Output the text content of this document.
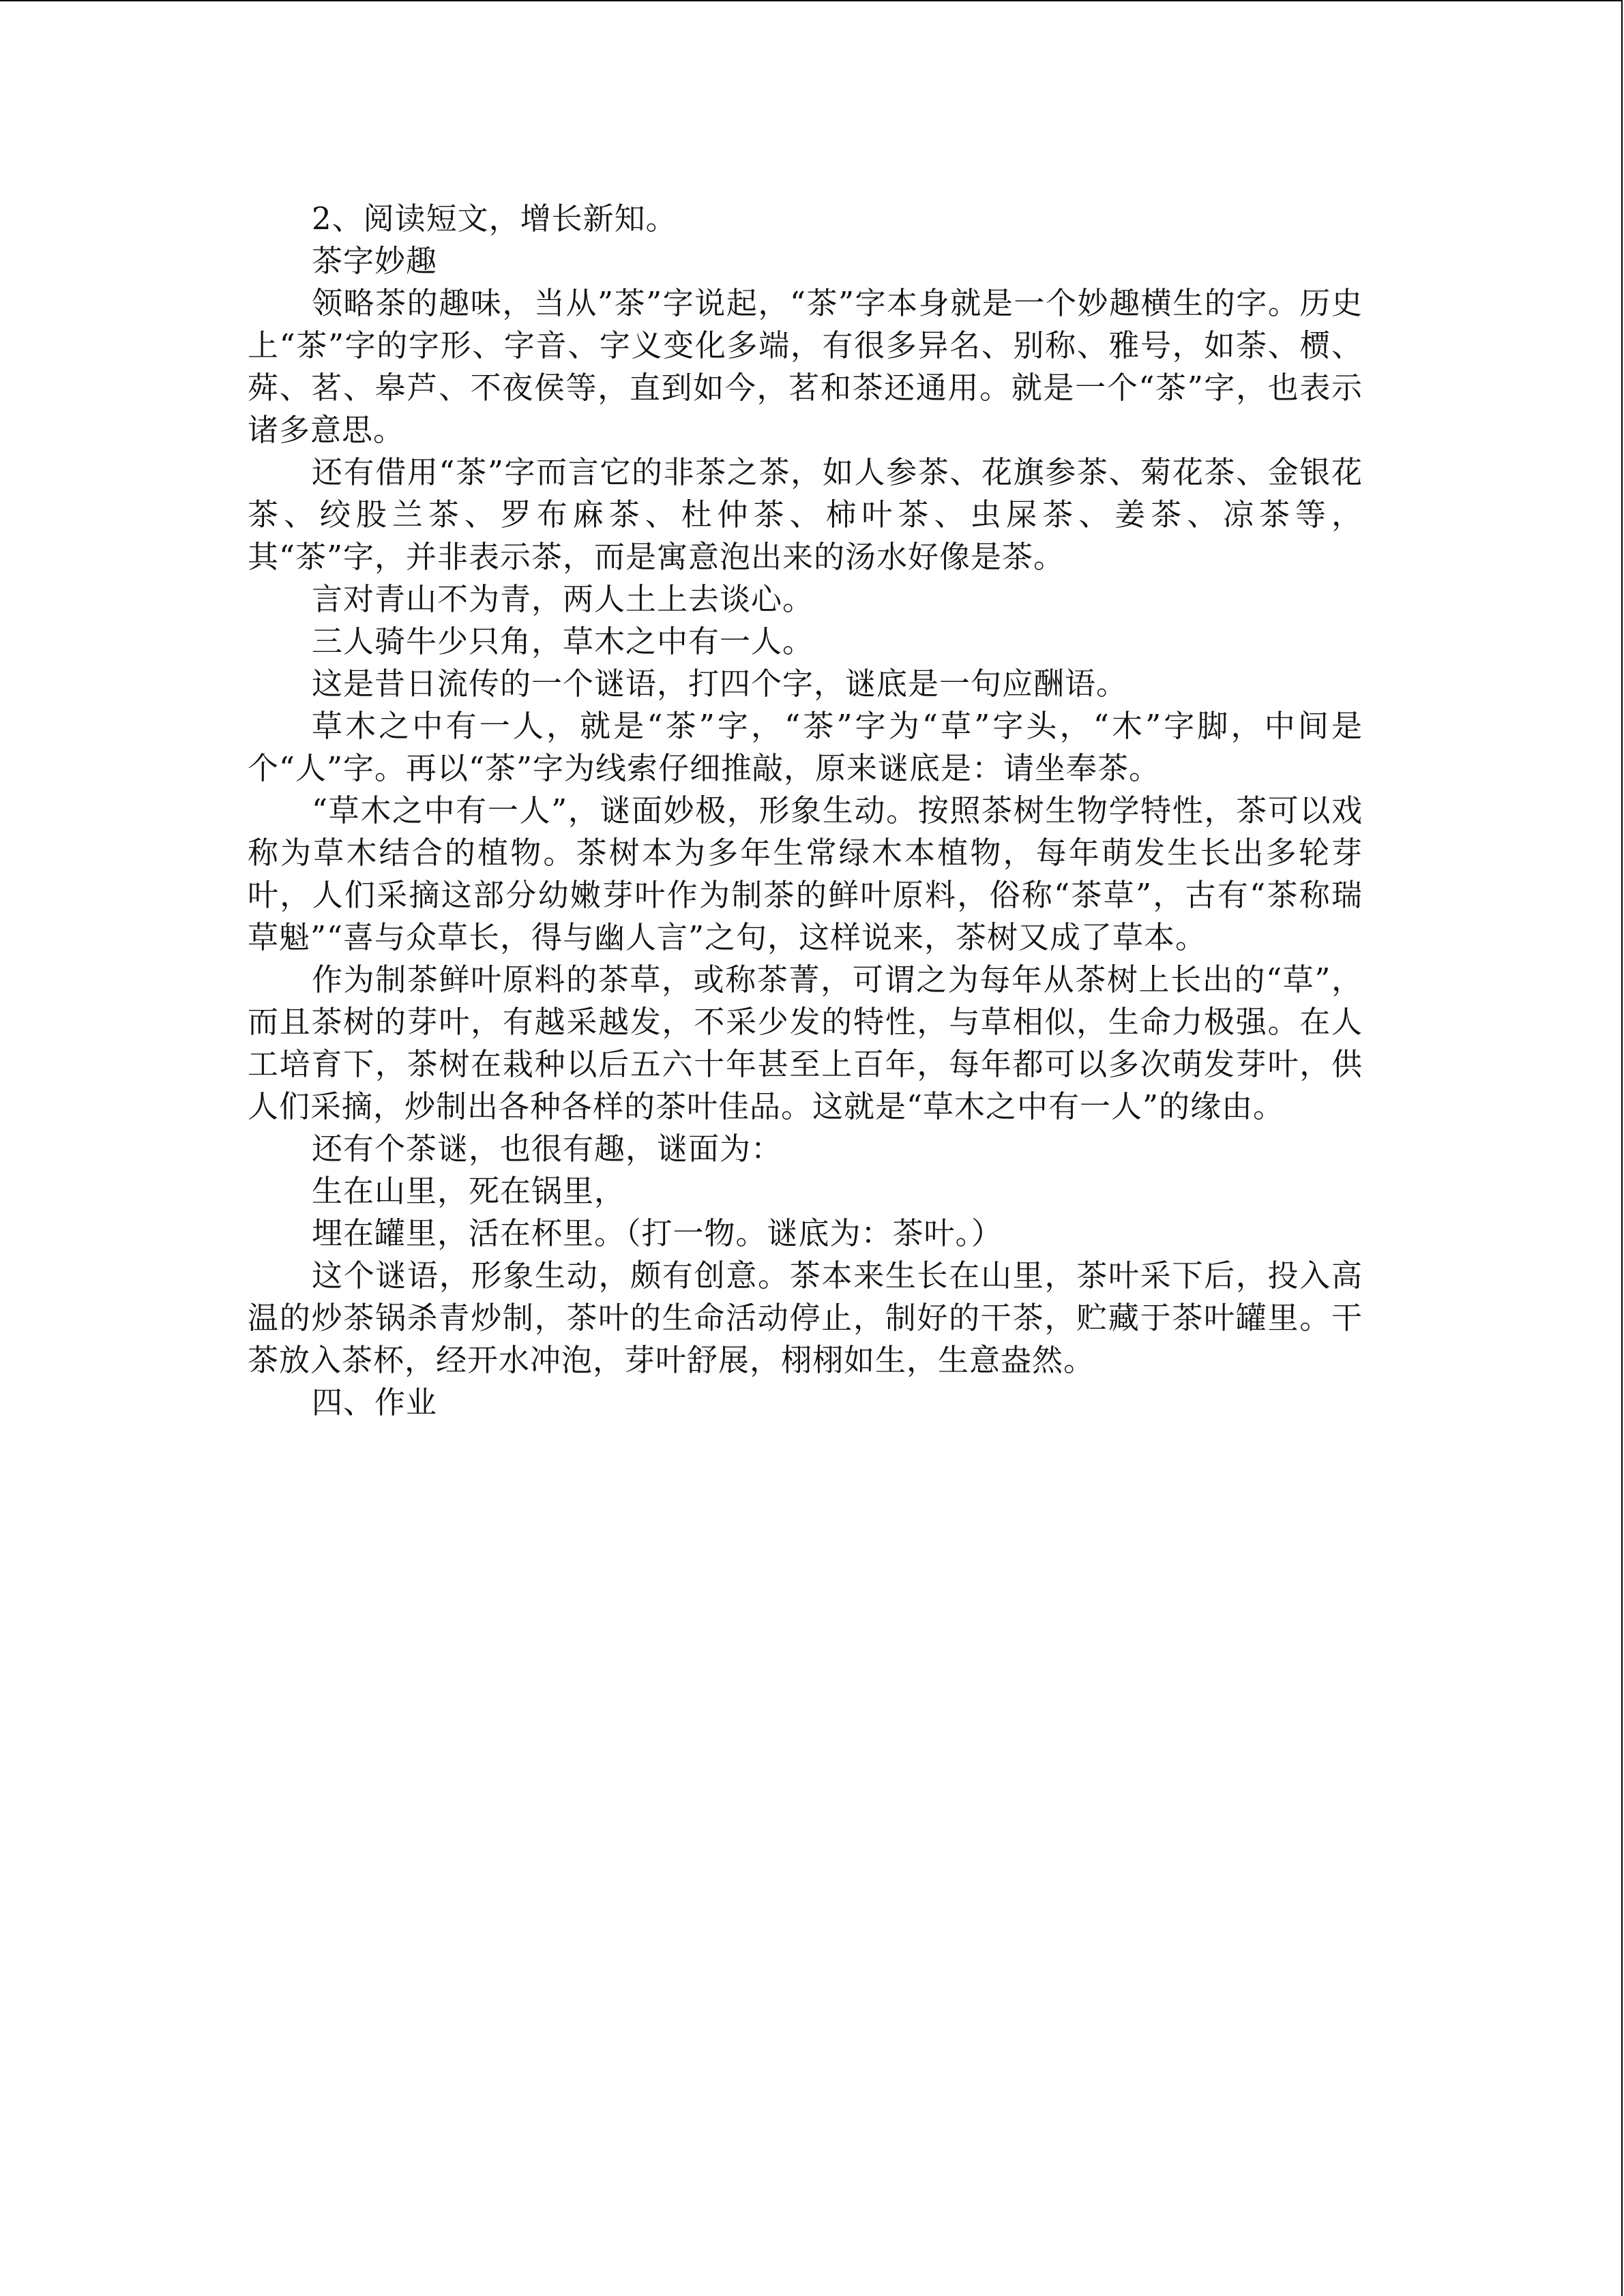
2、阅读短文，增长新知。

茶字妙趣

领略茶的趣味，当从”茶”字说起，“茶”字本身就是一个妙趣横生的字。历史上“茶”字的字形、字音、字义变化多端，有很多异名、别称、雅号，如荼、槚、荈、茗、皋芦、不夜侯等，直到如今，茗和茶还通用。就是一个“茶”字，也表示诸多意思。

还有借用“茶”字而言它的非茶之茶，如人参茶、花旗参茶、菊花茶、金银花茶、绞股兰茶、罗布麻茶、杜仲茶、柿叶茶、虫屎茶、姜茶、凉茶等，其“茶”字，并非表示茶，而是寓意泡出来的汤水好像是茶。

言对青山不为青，两人土上去谈心。

三人骑牛少只角，草木之中有一人。

这是昔日流传的一个谜语，打四个字，谜底是一句应酬语。

草木之中有一人，就是“茶”字，“茶”字为“草”字头，“木”字脚，中间是个“人”字。再以“茶”字为线索仔细推敲，原来谜底是：请坐奉茶。

“草木之中有一人”，谜面妙极，形象生动。按照茶树生物学特性，茶可以戏称为草木结合的植物。茶树本为多年生常绿木本植物，每年萌发生长出多轮芽叶，人们采摘这部分幼嫩芽叶作为制茶的鲜叶原料，俗称“茶草”，古有“茶称瑞草魁”“喜与众草长，得与幽人言”之句，这样说来，茶树又成了草本。

作为制茶鲜叶原料的茶草，或称茶菁，可谓之为每年从茶树上长出的“草”，而且茶树的芽叶，有越采越发，不采少发的特性，与草相似，生命力极强。在人工培育下，茶树在栽种以后五六十年甚至上百年，每年都可以多次萌发芽叶，供人们采摘，炒制出各种各样的茶叶佳品。这就是“草木之中有一人”的缘由。

还有个茶谜，也很有趣，谜面为：

生在山里，死在锅里，

埋在罐里，活在杯里。（打一物。谜底为：茶叶。）

这个谜语，形象生动，颇有创意。茶本来生长在山里，茶叶采下后，投入高温的炒茶锅杀青炒制，茶叶的生命活动停止，制好的干茶，贮藏于茶叶罐里。干茶放入茶杯，经开水冲泡，芽叶舒展，栩栩如生，生意盎然。

四、作业
